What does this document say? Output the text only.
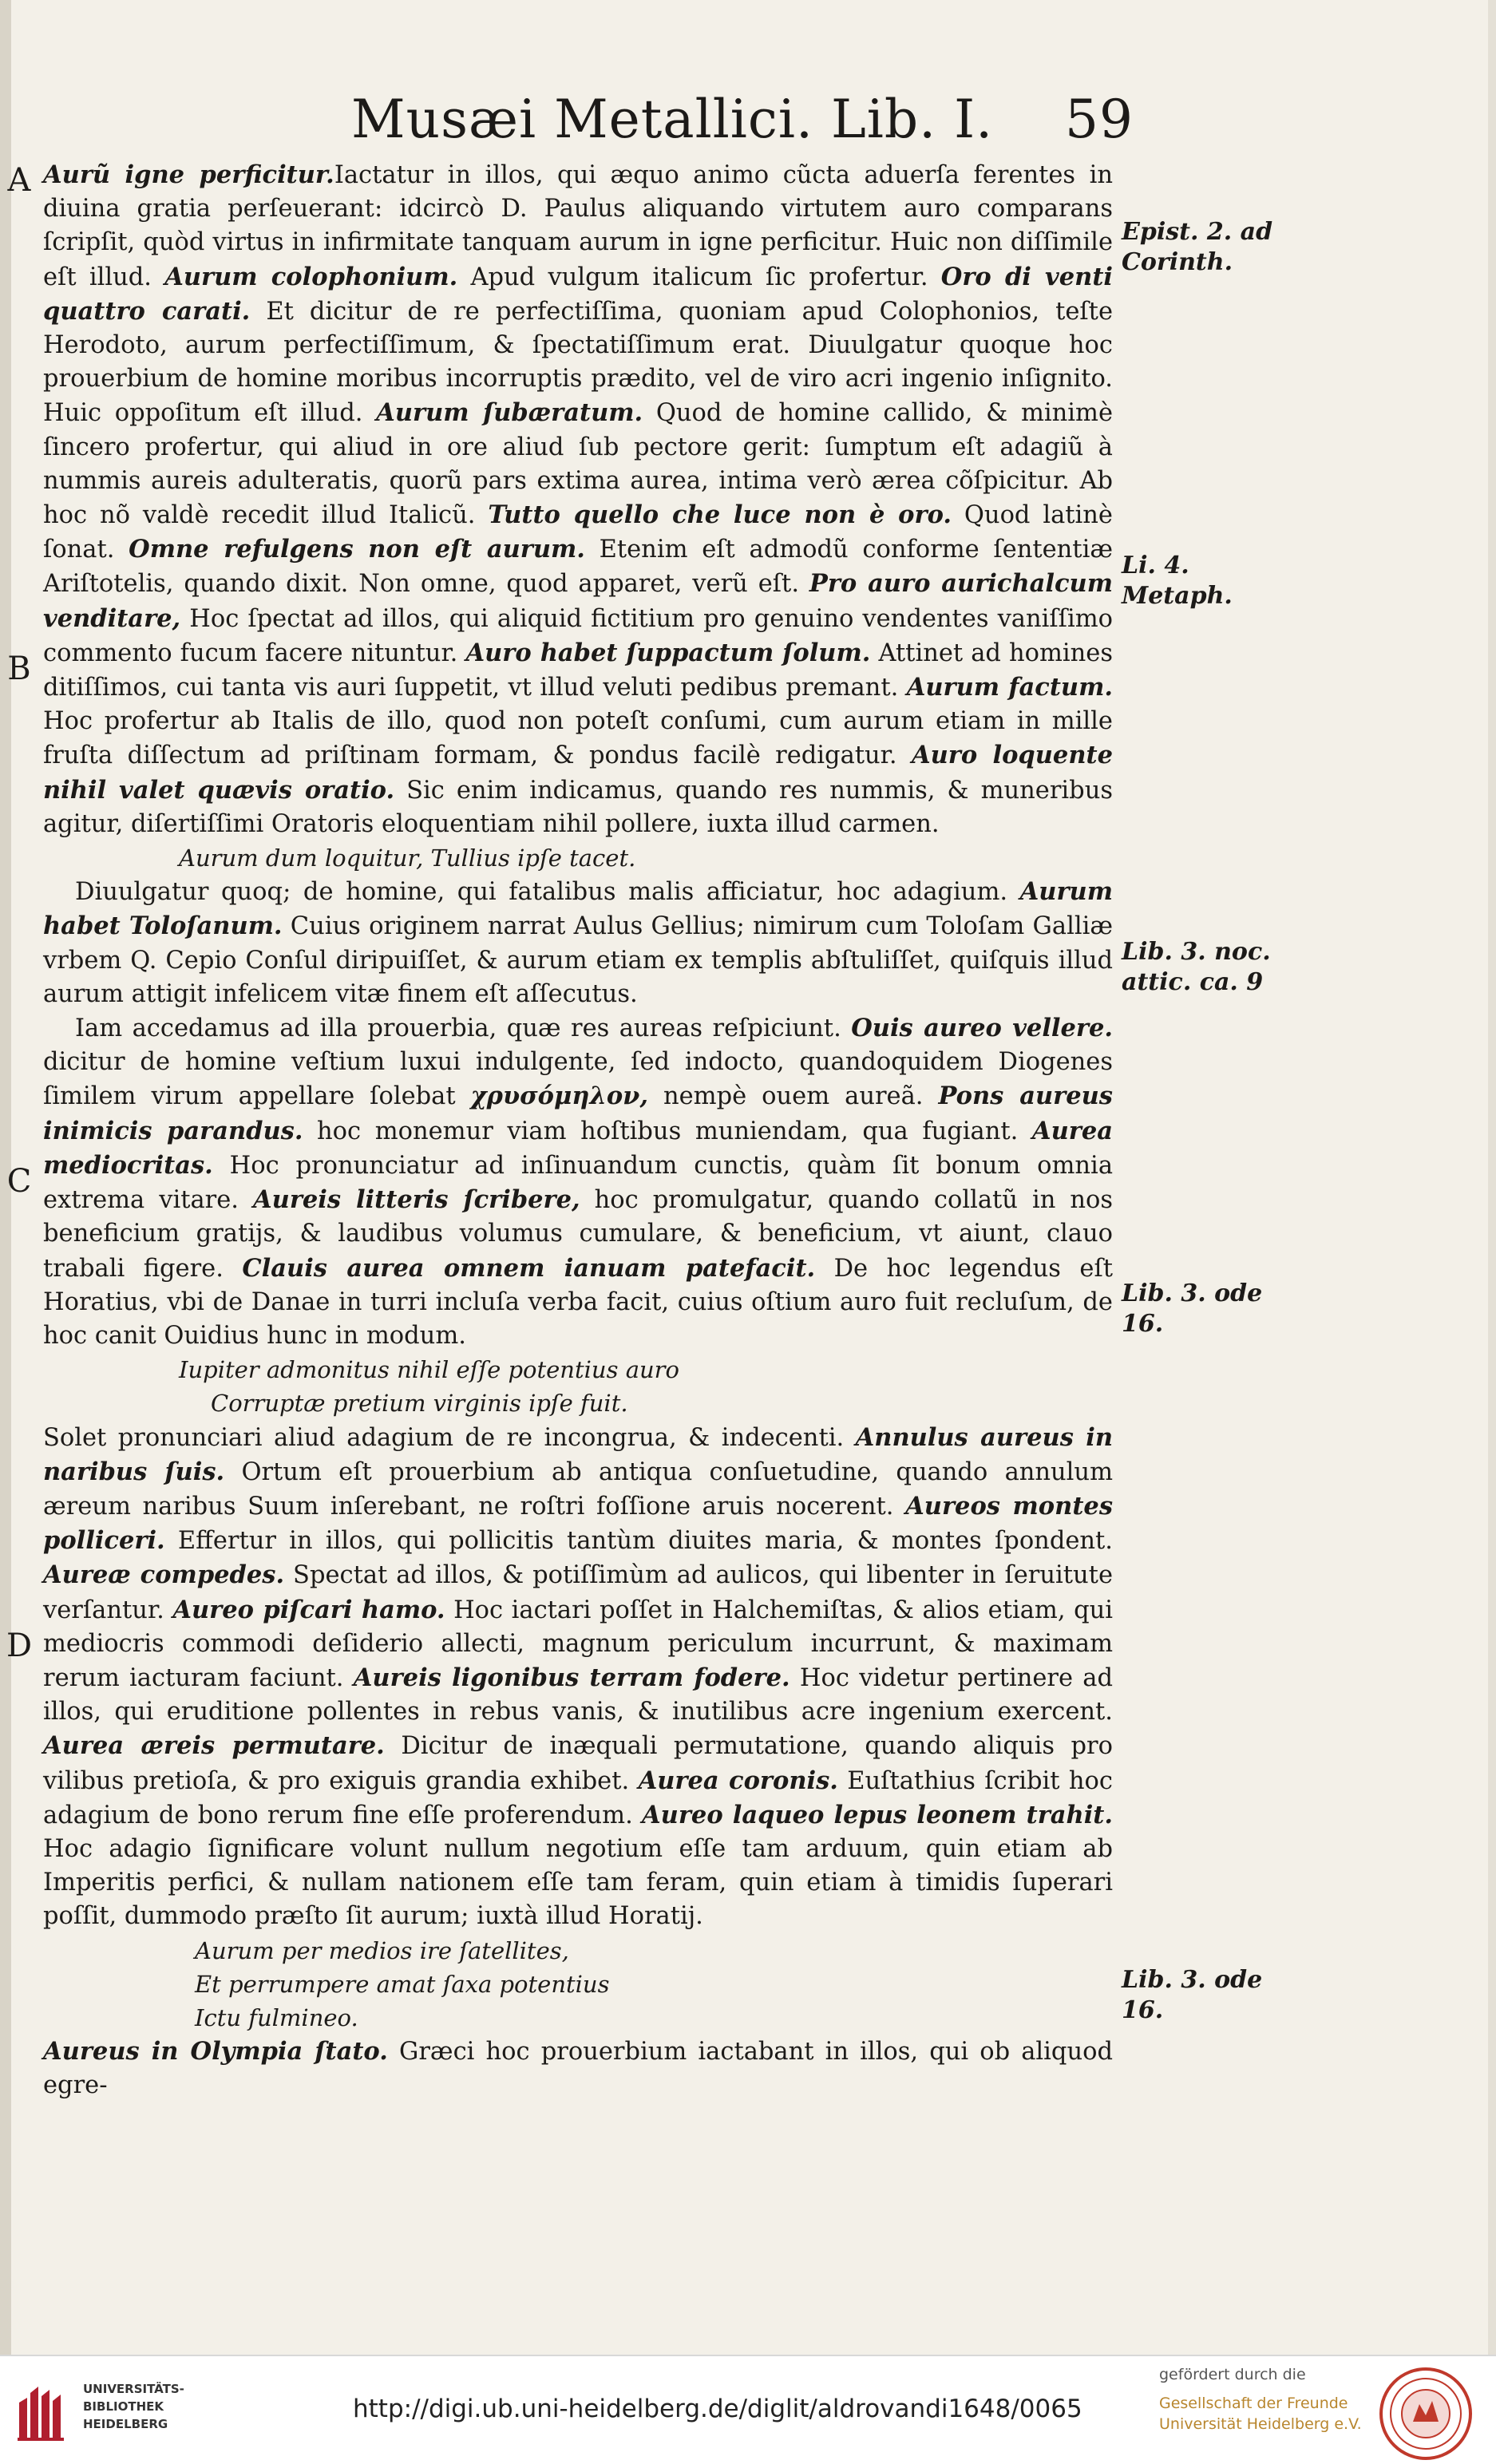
Musæi Metallici. Lib. I. 59
A
B
C
D
Epist. 2. ad Corinth.
Li. 4. Metaph.
Lib. 3. noc. attic. ca. 9
Lib. 3. ode 16.
Lib. 3. ode 16.

Aurũ igne perficitur.Iactatur in illos, qui æquo animo cũcta aduerſa ferentes in diuina gratia perſeuerant: idcircò D. Paulus aliquando virtutem auro comparans ſcripſit, quòd virtus in infirmitate tanquam aurum in igne perficitur. Huic non diſſimile eſt illud. Aurum colophonium. Apud vulgum italicum ſic profertur. Oro di venti quattro carati. Et dicitur de re perfectiſſima, quoniam apud Colophonios, teſte Herodoto, aurum perfectiſſimum, & ſpectatiſſimum erat. Diuulgatur quoque hoc prouerbium de homine moribus incorruptis prædito, vel de viro acri ingenio inſignito. Huic oppoſitum eſt illud. Aurum ſubæratum. Quod de homine callido, & minimè ſincero profertur, qui aliud in ore aliud ſub pectore gerit: ſumptum eſt adagiũ à nummis aureis adulteratis, quorũ pars extima aurea, intima verò ærea cõſpicitur. Ab hoc nõ valdè recedit illud Italicũ. Tutto quello che luce non è oro. Quod latinè ſonat. Omne refulgens non eſt aurum. Etenim eſt admodũ conforme ſententiæ Ariſtotelis, quando dixit. Non omne, quod apparet, verũ eſt. Pro auro aurichalcum venditare, Hoc ſpectat ad illos, qui aliquid fictitium pro genuino vendentes vaniſſimo commento fucum facere nituntur. Auro habet ſuppactum ſolum. Attinet ad homines ditiſſimos, cui tanta vis auri ſuppetit, vt illud veluti pedibus premant. Aurum factum. Hoc profertur ab Italis de illo, quod non poteſt conſumi, cum aurum etiam in mille fruſta diſſectum ad priſtinam formam, & pondus facilè redigatur. Auro loquente nihil valet quævis oratio. Sic enim indicamus, quando res nummis, & muneribus agitur, diſertiſſimi Oratoris eloquentiam nihil pollere, iuxta illud carmen.

Aurum dum loquitur, Tullius ipſe tacet.

Diuulgatur quoq; de homine, qui fatalibus malis afficiatur, hoc adagium. Aurum habet Toloſanum. Cuius originem narrat Aulus Gellius; nimirum cum Toloſam Galliæ vrbem Q. Cepio Conſul diripuiſſet, & aurum etiam ex templis abſtuliſſet, quiſquis illud aurum attigit infelicem vitæ finem eſt aſſecutus.

Iam accedamus ad illa prouerbia, quæ res aureas reſpiciunt. Ouis aureo vellere. dicitur de homine veſtium luxui indulgente, ſed indocto, quandoquidem Diogenes ſimilem virum appellare ſolebat χρυσόμηλον, nempè ouem aureã. Pons aureus inimicis parandus. hoc monemur viam hoſtibus muniendam, qua fugiant. Aurea mediocritas. Hoc pronunciatur ad inſinuandum cunctis, quàm ſit bonum omnia extrema vitare. Aureis litteris ſcribere, hoc promulgatur, quando collatũ in nos beneficium gratijs, & laudibus volumus cumulare, & beneficium, vt aiunt, clauo trabali figere. Clauis aurea omnem ianuam patefacit. De hoc legendus eſt Horatius, vbi de Danae in turri incluſa verba facit, cuius oſtium auro fuit recluſum, de hoc canit Ouidius hunc in modum.

Iupiter admonitus nihil eſſe potentius auro
Corruptæ pretium virginis ipſe fuit.

Solet pronunciari aliud adagium de re incongrua, & indecenti. Annulus aureus in naribus ſuis. Ortum eſt prouerbium ab antiqua conſuetudine, quando annulum æreum naribus Suum inſerebant, ne roſtri foſſione aruis nocerent. Aureos montes polliceri. Effertur in illos, qui pollicitis tantùm diuites maria, & montes ſpondent. Aureæ compedes. Spectat ad illos, & potiſſimùm ad aulicos, qui libenter in ſeruitute verſantur. Aureo piſcari hamo. Hoc iactari poſſet in Halchemiſtas, & alios etiam, qui mediocris commodi deſiderio allecti, magnum periculum incurrunt, & maximam rerum iacturam faciunt. Aureis ligonibus terram fodere. Hoc videtur pertinere ad illos, qui eruditione pollentes in rebus vanis, & inutilibus acre ingenium exercent. Aurea æreis permutare. Dicitur de inæquali permutatione, quando aliquis pro vilibus pretioſa, & pro exiguis grandia exhibet. Aurea coronis. Euſtathius ſcribit hoc adagium de bono rerum fine eſſe proferendum. Aureo laqueo lepus leonem trahit. Hoc adagio ſignificare volunt nullum negotium eſſe tam arduum, quin etiam ab Imperitis perfici, & nullam nationem eſſe tam feram, quin etiam à timidis ſuperari poſſit, dummodo præſto ſit aurum; iuxtà illud Horatij.

Aurum per medios ire ſatellites,
Et perrumpere amat ſaxa potentius
Ictu fulmineo.

Aureus in Olympia ſtato. Græci hoc prouerbium iactabant in illos, qui ob aliquod egre-

UNIVERSITÄTS-
BIBLIOTHEK
HEIDELBERG
http://digi.ub.uni-heidelberg.de/diglit/aldrovandi1648/0065
gefördert durch die
Gesellschaft der Freunde
Universität Heidelberg e.V.
